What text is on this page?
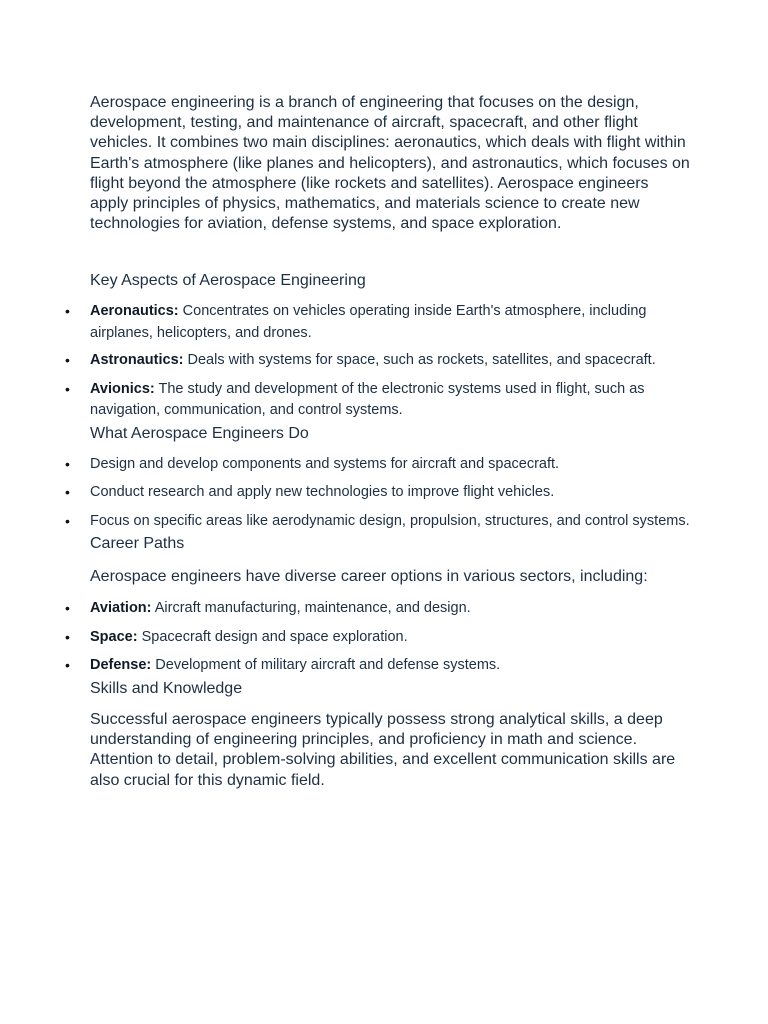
Aerospace engineering is a branch of engineering that focuses on the design, development, testing, and maintenance of aircraft, spacecraft, and other flight vehicles. It combines two main disciplines: aeronautics, which deals with flight within Earth's atmosphere (like planes and helicopters), and astronautics, which focuses on flight beyond the atmosphere (like rockets and satellites). Aerospace engineers apply principles of physics, mathematics, and materials science to create new technologies for aviation, defense systems, and space exploration.

Key Aspects of Aerospace Engineering
• Aeronautics: Concentrates on vehicles operating inside Earth's atmosphere, including airplanes, helicopters, and drones.
• Astronautics: Deals with systems for space, such as rockets, satellites, and spacecraft.
• Avionics: The study and development of the electronic systems used in flight, such as navigation, communication, and control systems.
What Aerospace Engineers Do
• Design and develop components and systems for aircraft and spacecraft.
• Conduct research and apply new technologies to improve flight vehicles.
• Focus on specific areas like aerodynamic design, propulsion, structures, and control systems.
Career Paths

Aerospace engineers have diverse career options in various sectors, including:

• Aviation: Aircraft manufacturing, maintenance, and design.
• Space: Spacecraft design and space exploration.
• Defense: Development of military aircraft and defense systems.
Skills and Knowledge

Successful aerospace engineers typically possess strong analytical skills, a deep understanding of engineering principles, and proficiency in math and science. Attention to detail, problem-solving abilities, and excellent communication skills are also crucial for this dynamic field.
